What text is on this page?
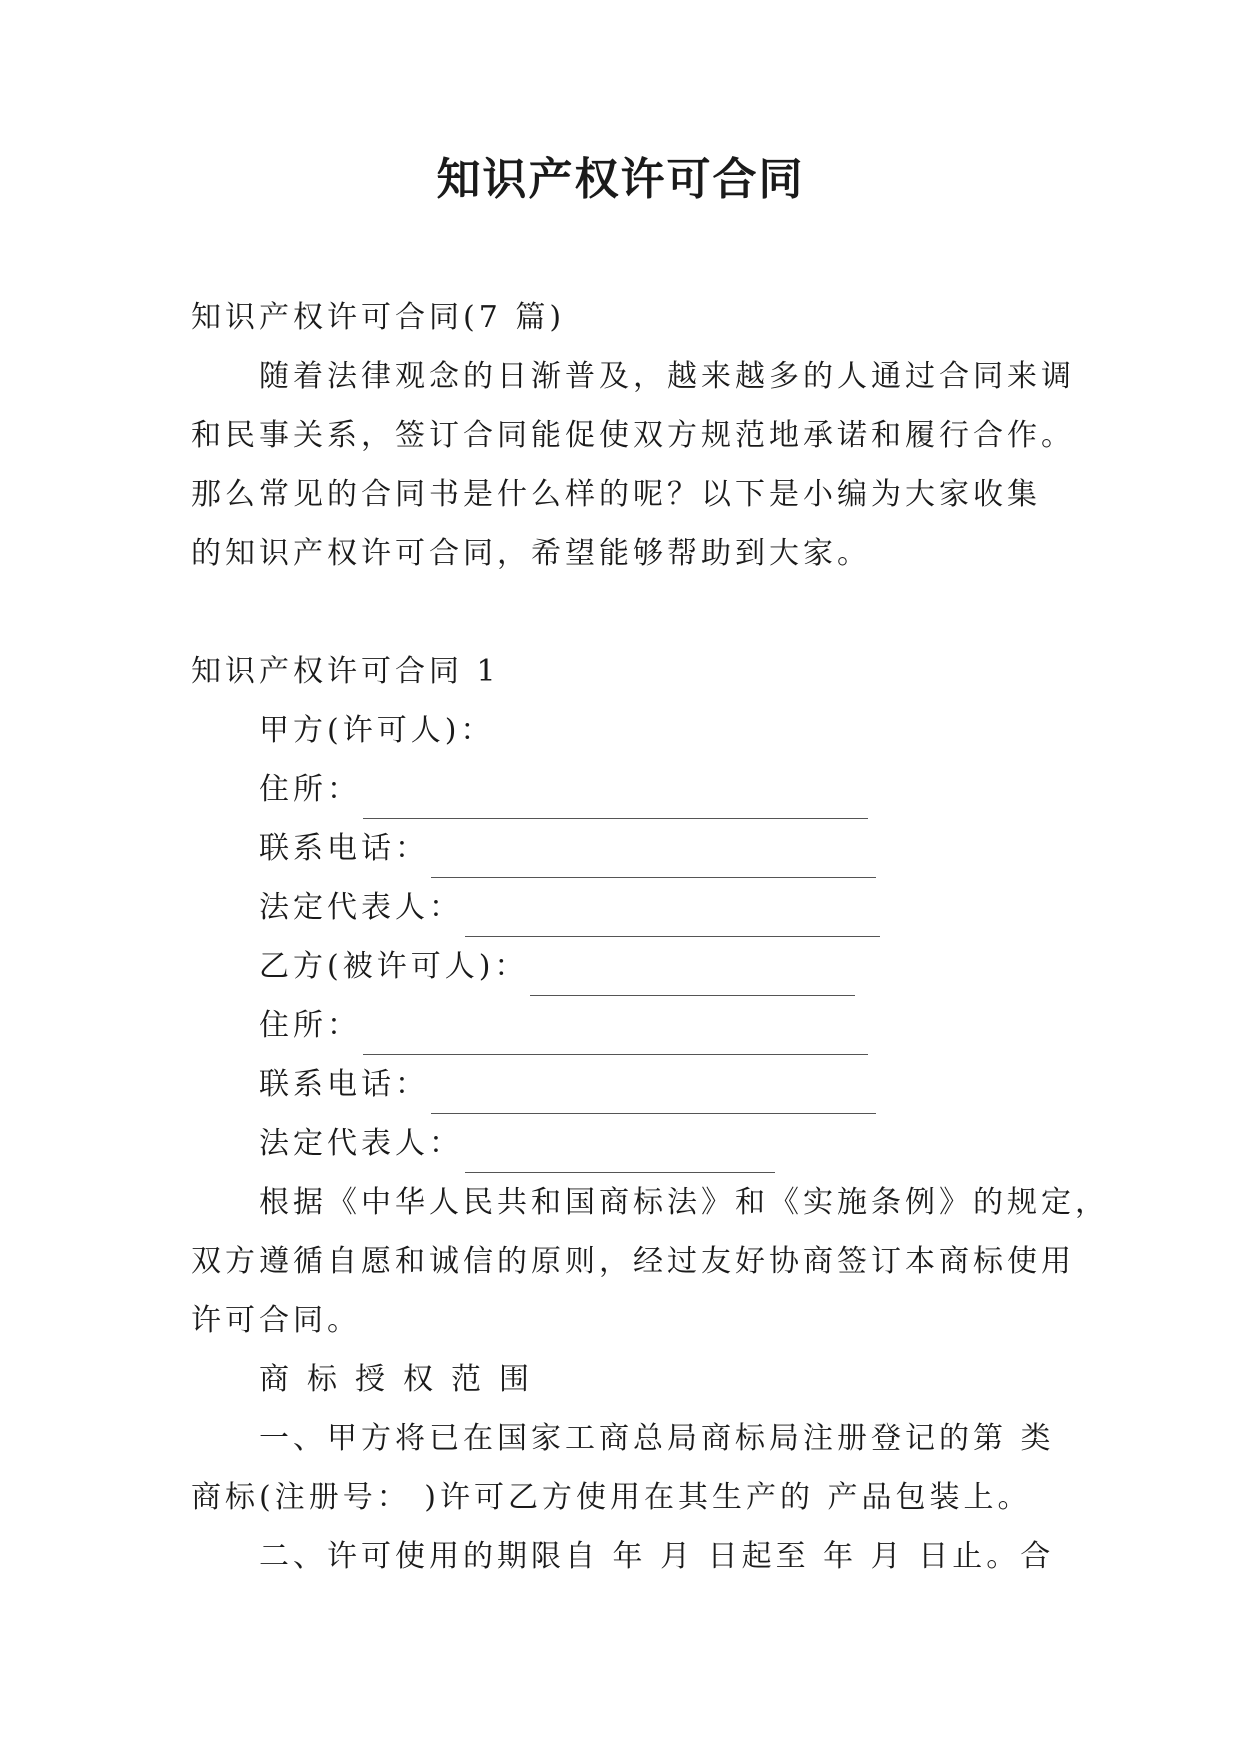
知识产权许可合同
知识产权许可合同(7 篇)
随着法律观念的日渐普及，越来越多的人通过合同来调
和民事关系，签订合同能促使双方规范地承诺和履行合作。
那么常见的合同书是什么样的呢？以下是小编为大家收集
的知识产权许可合同，希望能够帮助到大家。
知识产权许可合同 1
甲方(许可人)：
住所：
联系电话：
法定代表人：
乙方(被许可人)：
住所：
联系电话：
法定代表人：
根据《中华人民共和国商标法》和《实施条例》的规定，
双方遵循自愿和诚信的原则，经过友好协商签订本商标使用
许可合同。
商标授权范围
一、甲方将已在国家工商总局商标局注册登记的第 类
商标(注册号： )许可乙方使用在其生产的 产品包装上。
二、许可使用的期限自 年 月 日起至 年 月 日止。合
